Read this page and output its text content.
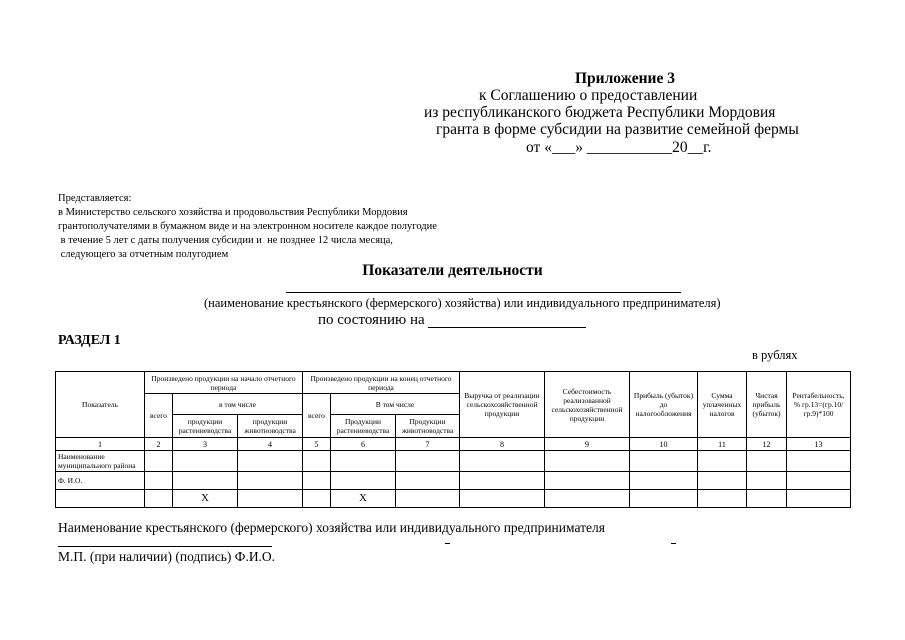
Приложение 3
к Соглашению о предоставлении
из республиканского бюджета Республики Мордовия
гранта в форме субсидии на развитие семейной фермы
от «___» ___________20__г.
Представляется:
в Министерство сельского хозяйства и продовольствия Республики Мордовия
грантополучателями в бумажном виде и на электронном носителе каждое полугодие
в течение 5 лет с даты получения субсидии и  не позднее 12 числа месяца,
следующего за отчетным полугодием
Показатели деятельности
(наименование крестьянского (фермерского) хозяйства) или индивидуального предпринимателя)
по состоянию на
РАЗДЕЛ 1
в рублях
Показатель	Произведено продукции на начало отчетного периода			Произведено продукции на конец отчетного периода			Выручка от реализации сельскохозяйственной продукции	Себестоимость реализованной сельскохозяйственной продукции	Прибыль (убыток) до налогообложения	Сумма уплаченных налогов	Чистая прибыль (убыток)	Рентабельность, % гр.13=(гр.10/ гр.9)*100
	всего	в том числе		всего	В том числе							
		продукции растениеводства	продукции животноводства		Продукции растениеводства	Продукции животноводства						
1	2	3	4	5	6	7	8	9	10	11	12	13
Наименование муниципального района												
Ф. И.О.												
		Х			Х							
Наименование крестьянского (фермерского) хозяйства или индивидуального предпринимателя
М.П. (при наличии) (подпись) Ф.И.О.
